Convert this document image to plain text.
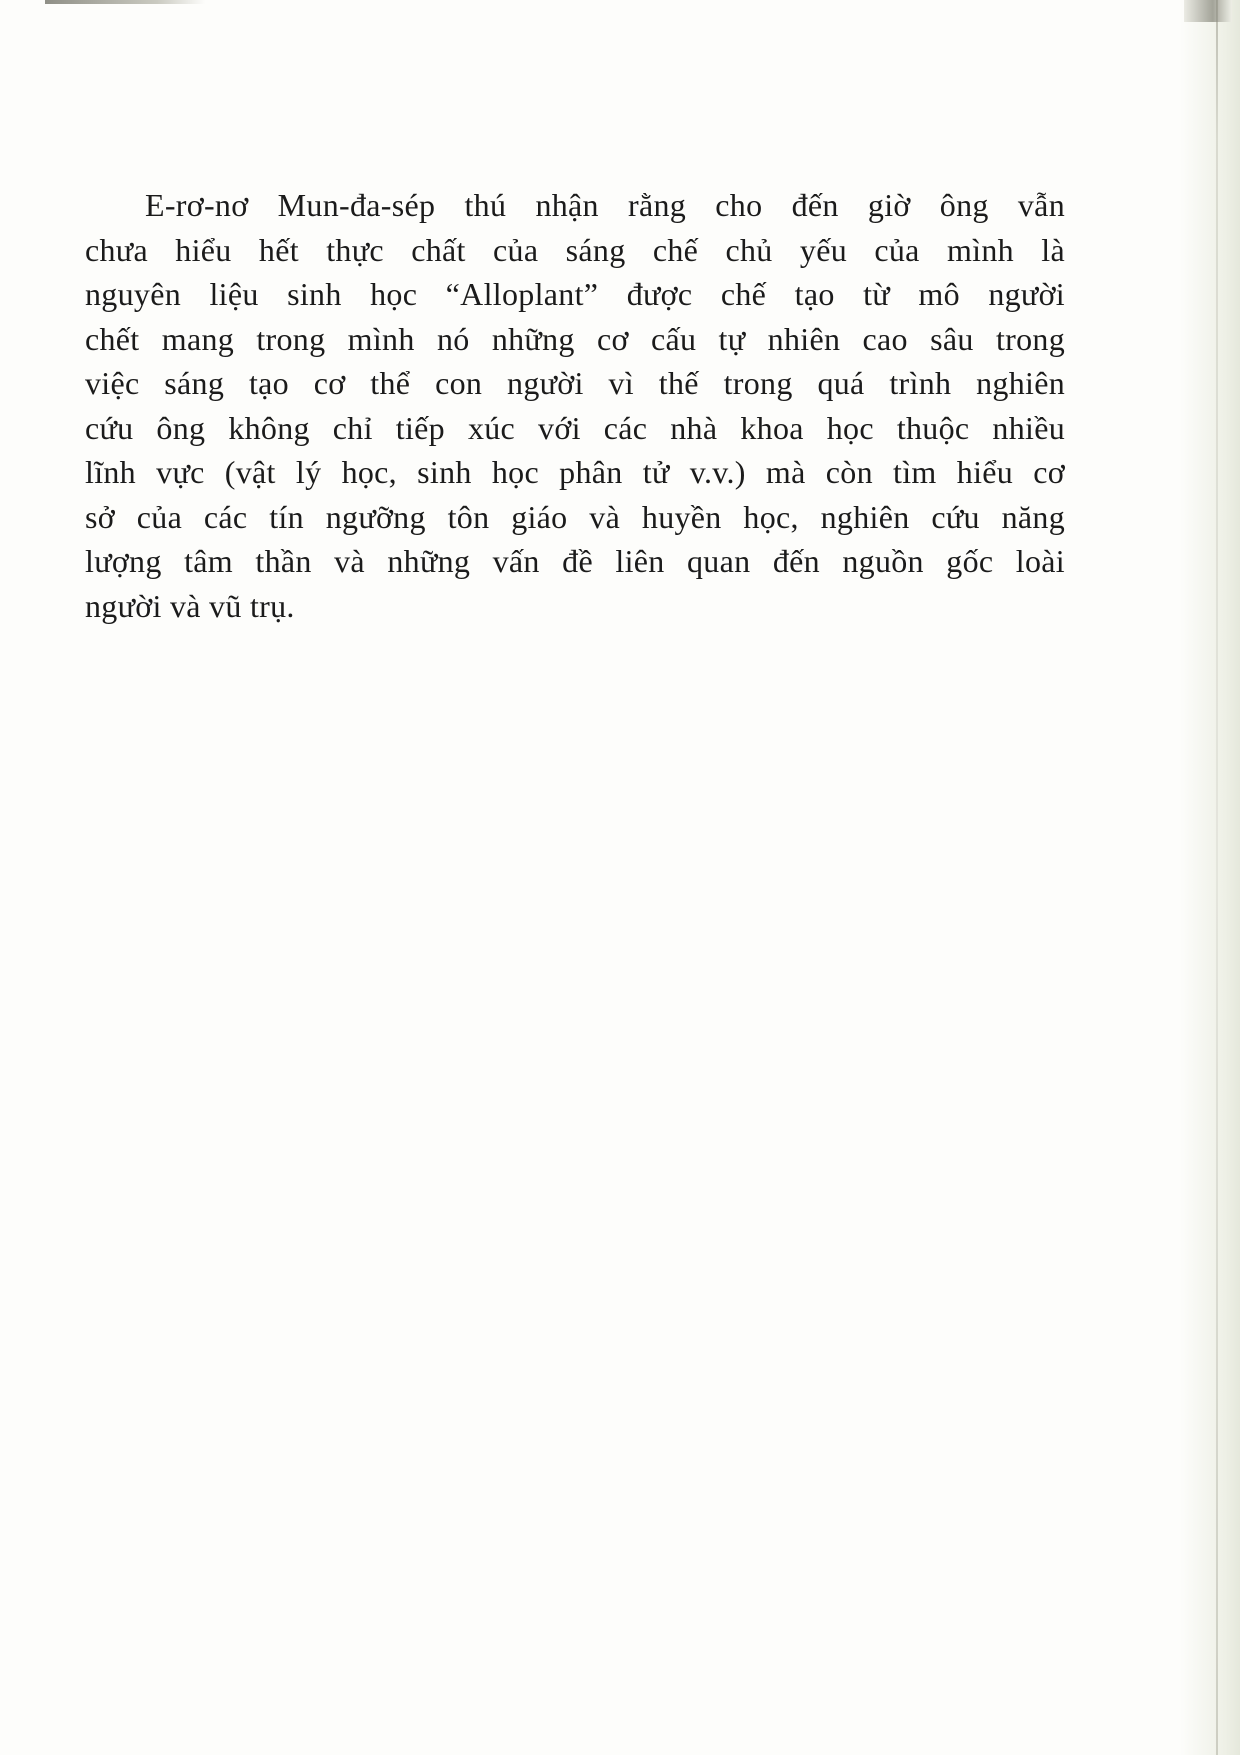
E-rơ-nơ Mun-đa-sép thú nhận rằng cho đến giờ ông vẫn
chưa hiểu hết thực chất của sáng chế chủ yếu của mình là
nguyên liệu sinh học “Alloplant” được chế tạo từ mô người
chết mang trong mình nó những cơ cấu tự nhiên cao sâu trong
việc sáng tạo cơ thể con người vì thế trong quá trình nghiên
cứu ông không chỉ tiếp xúc với các nhà khoa học thuộc nhiều
lĩnh vực (vật lý học, sinh học phân tử v.v.) mà còn tìm hiểu cơ
sở của các tín ngưỡng tôn giáo và huyền học, nghiên cứu năng
lượng tâm thần và những vấn đề liên quan đến nguồn gốc loài
người và vũ trụ.
